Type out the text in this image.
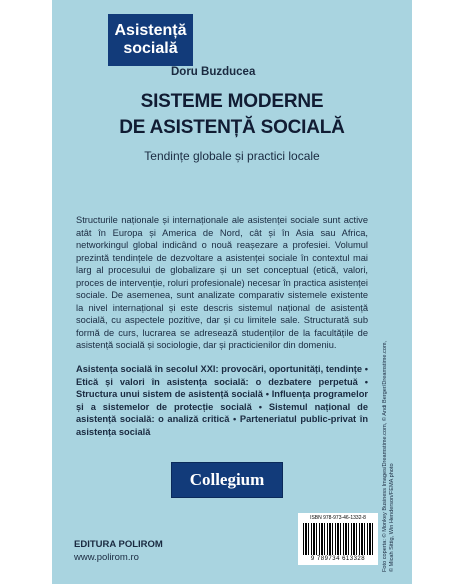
Asistență
socială
Doru Buzducea
SISTEME MODERNE
DE ASISTENȚĂ SOCIALĂ
Tendințe globale și practici locale

Structurile naționale și internaționale ale asistenței sociale sunt active atât în Europa și America de Nord, cât și în Asia sau Africa, networkingul global indicând o nouă reașezare a profesiei. Volumul prezintă tendințele de dezvoltare a asistenței sociale în contextul mai larg al procesului de globalizare și un set conceptual (etică, valori, proces de intervenție, roluri profesionale) necesar în practica asistenței sociale. De asemenea, sunt analizate comparativ sistemele existente la nivel internațional și este descris sistemul național de asistență socială, cu aspectele pozitive, dar și cu limitele sale. Structurată sub formă de curs, lucrarea se adresează studenților de la facultățile de asistență socială și sociologie, dar și practicienilor din domeniu.

Asistența socială în secolul XXI: provocări, oportunități, tendințe • Etică și valori în asistența socială: o dezbatere perpetuă • Structura unui sistem de asistență socială • Influența programelor și a sistemelor de protecție socială • Sistemul național de asistență socială: o analiză critică • Parteneriatul public-privat în asistența socială

Collegium
ISBN 978-973-46-1332-8
9 789734 613328
EDITURA POLIROM
www.polirom.ro	Foto coperta: © Monkey Business Images/Dreamstime.com, © Andi Berger/Dreamstime.com, © Micah Sittig, Win Henderson/FEMA photo
